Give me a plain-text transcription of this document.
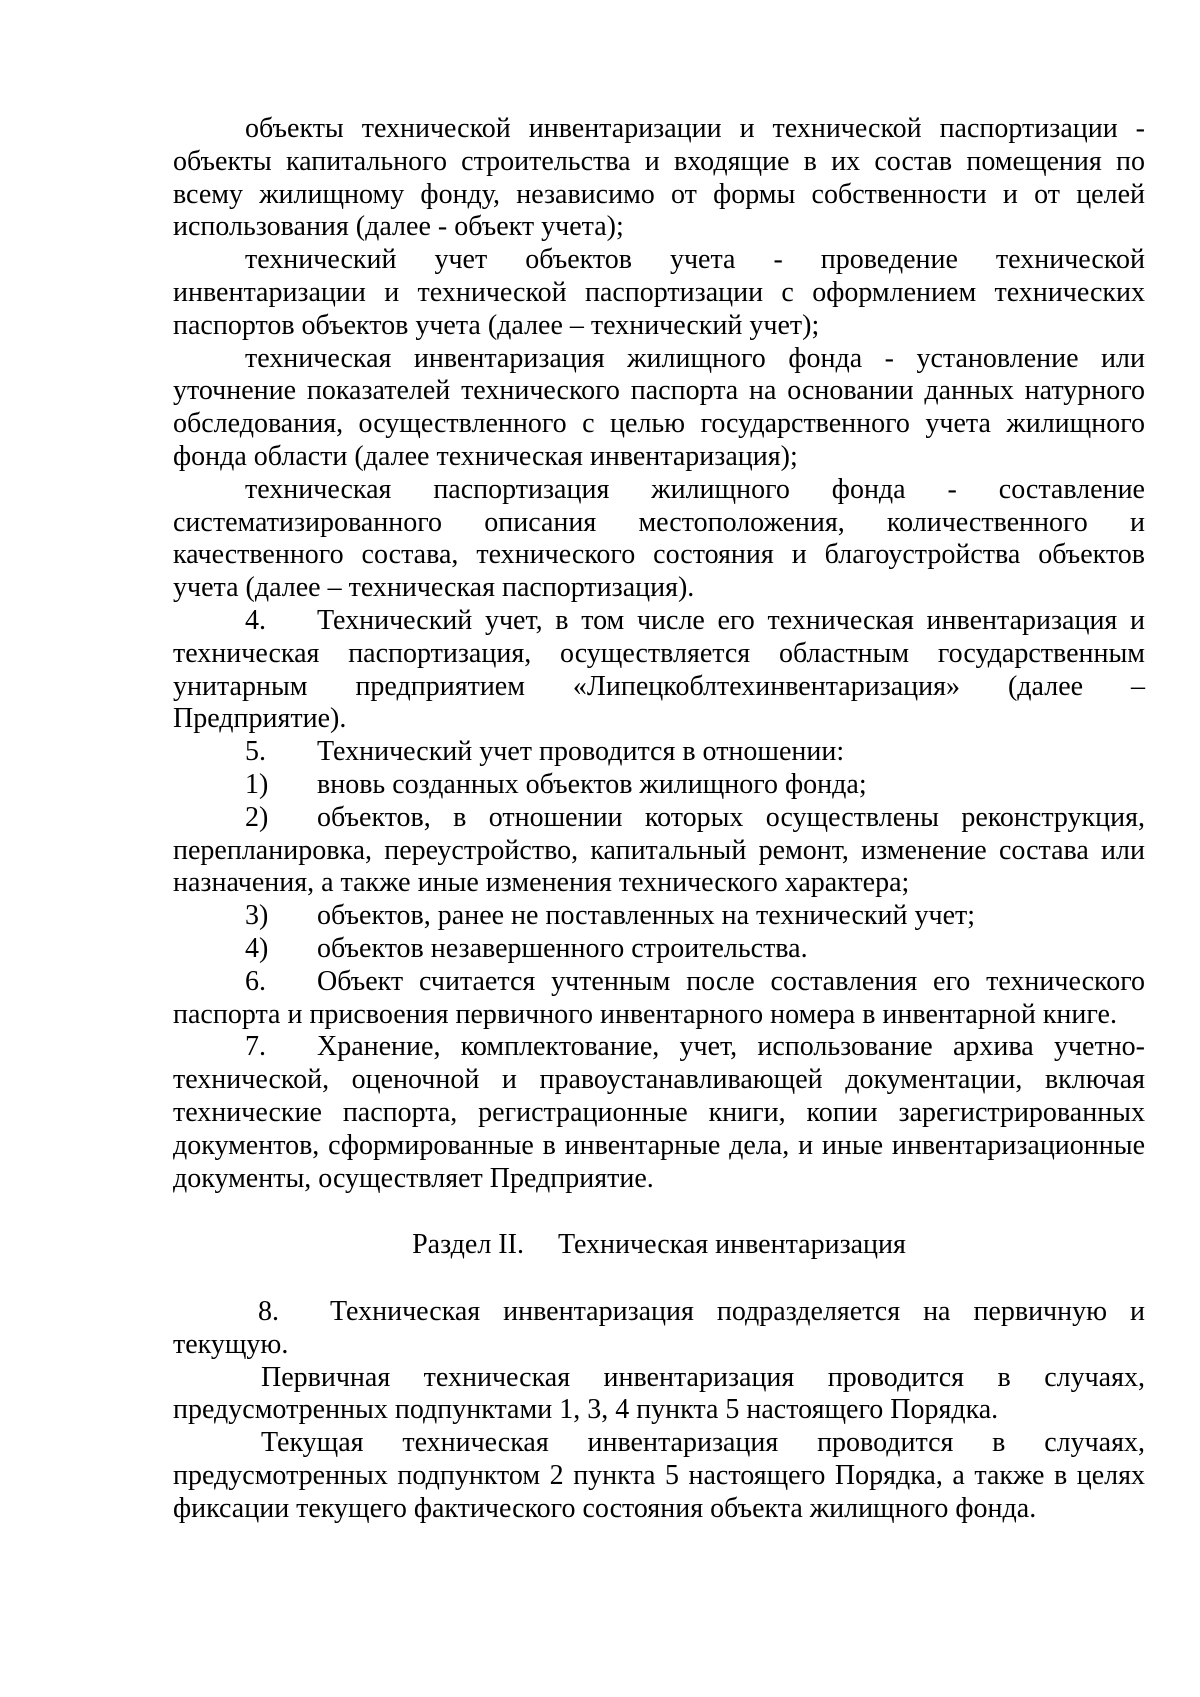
объекты технической инвентаризации и технической паспортизации - объекты капитального строительства и входящие в их состав помещения по всему жилищному фонду, независимо от формы собственности и от целей использования (далее - объект учета);

технический учет объектов учета - проведение технической инвентаризации и технической паспортизации с оформлением технических паспортов объектов учета (далее – технический учет);

техническая инвентаризация жилищного фонда - установление или уточнение показателей технического паспорта на основании данных натурного обследования, осуществленного с целью государственного учета жилищного фонда области (далее техническая инвентаризация);

техническая паспортизация жилищного фонда - составление систематизированного описания местоположения, количественного и качественного состава, технического состояния и благоустройства объектов учета (далее – техническая паспортизация).

4. Технический учет, в том числе его техническая инвентаризация и техническая паспортизация, осуществляется областным государственным унитарным предприятием «Липецкоблтехинвентаризация» (далее – Предприятие).

5. Технический учет проводится в отношении:

1) вновь созданных объектов жилищного фонда;

2) объектов, в отношении которых осуществлены реконструкция, перепланировка, переустройство, капитальный ремонт, изменение состава или назначения, а также иные изменения технического характера;

3) объектов, ранее не поставленных на технический учет;

4) объектов незавершенного строительства.

6. Объект считается учтенным после составления его технического паспорта и присвоения первичного инвентарного номера в инвентарной книге.

7. Хранение, комплектование, учет, использование архива учетно-технической, оценочной и правоустанавливающей документации, включая технические паспорта, регистрационные книги, копии зарегистрированных документов, сформированные в инвентарные дела, и иные инвентаризационные документы, осуществляет Предприятие.

Раздел II. Техническая инвентаризация

8. Техническая инвентаризация подразделяется на первичную и текущую.

Первичная техническая инвентаризация проводится в случаях, предусмотренных подпунктами 1, 3, 4 пункта 5 настоящего Порядка.

Текущая техническая инвентаризация проводится в случаях, предусмотренных подпунктом 2 пункта 5 настоящего Порядка, а также в целях фиксации текущего фактического состояния объекта жилищного фонда.
